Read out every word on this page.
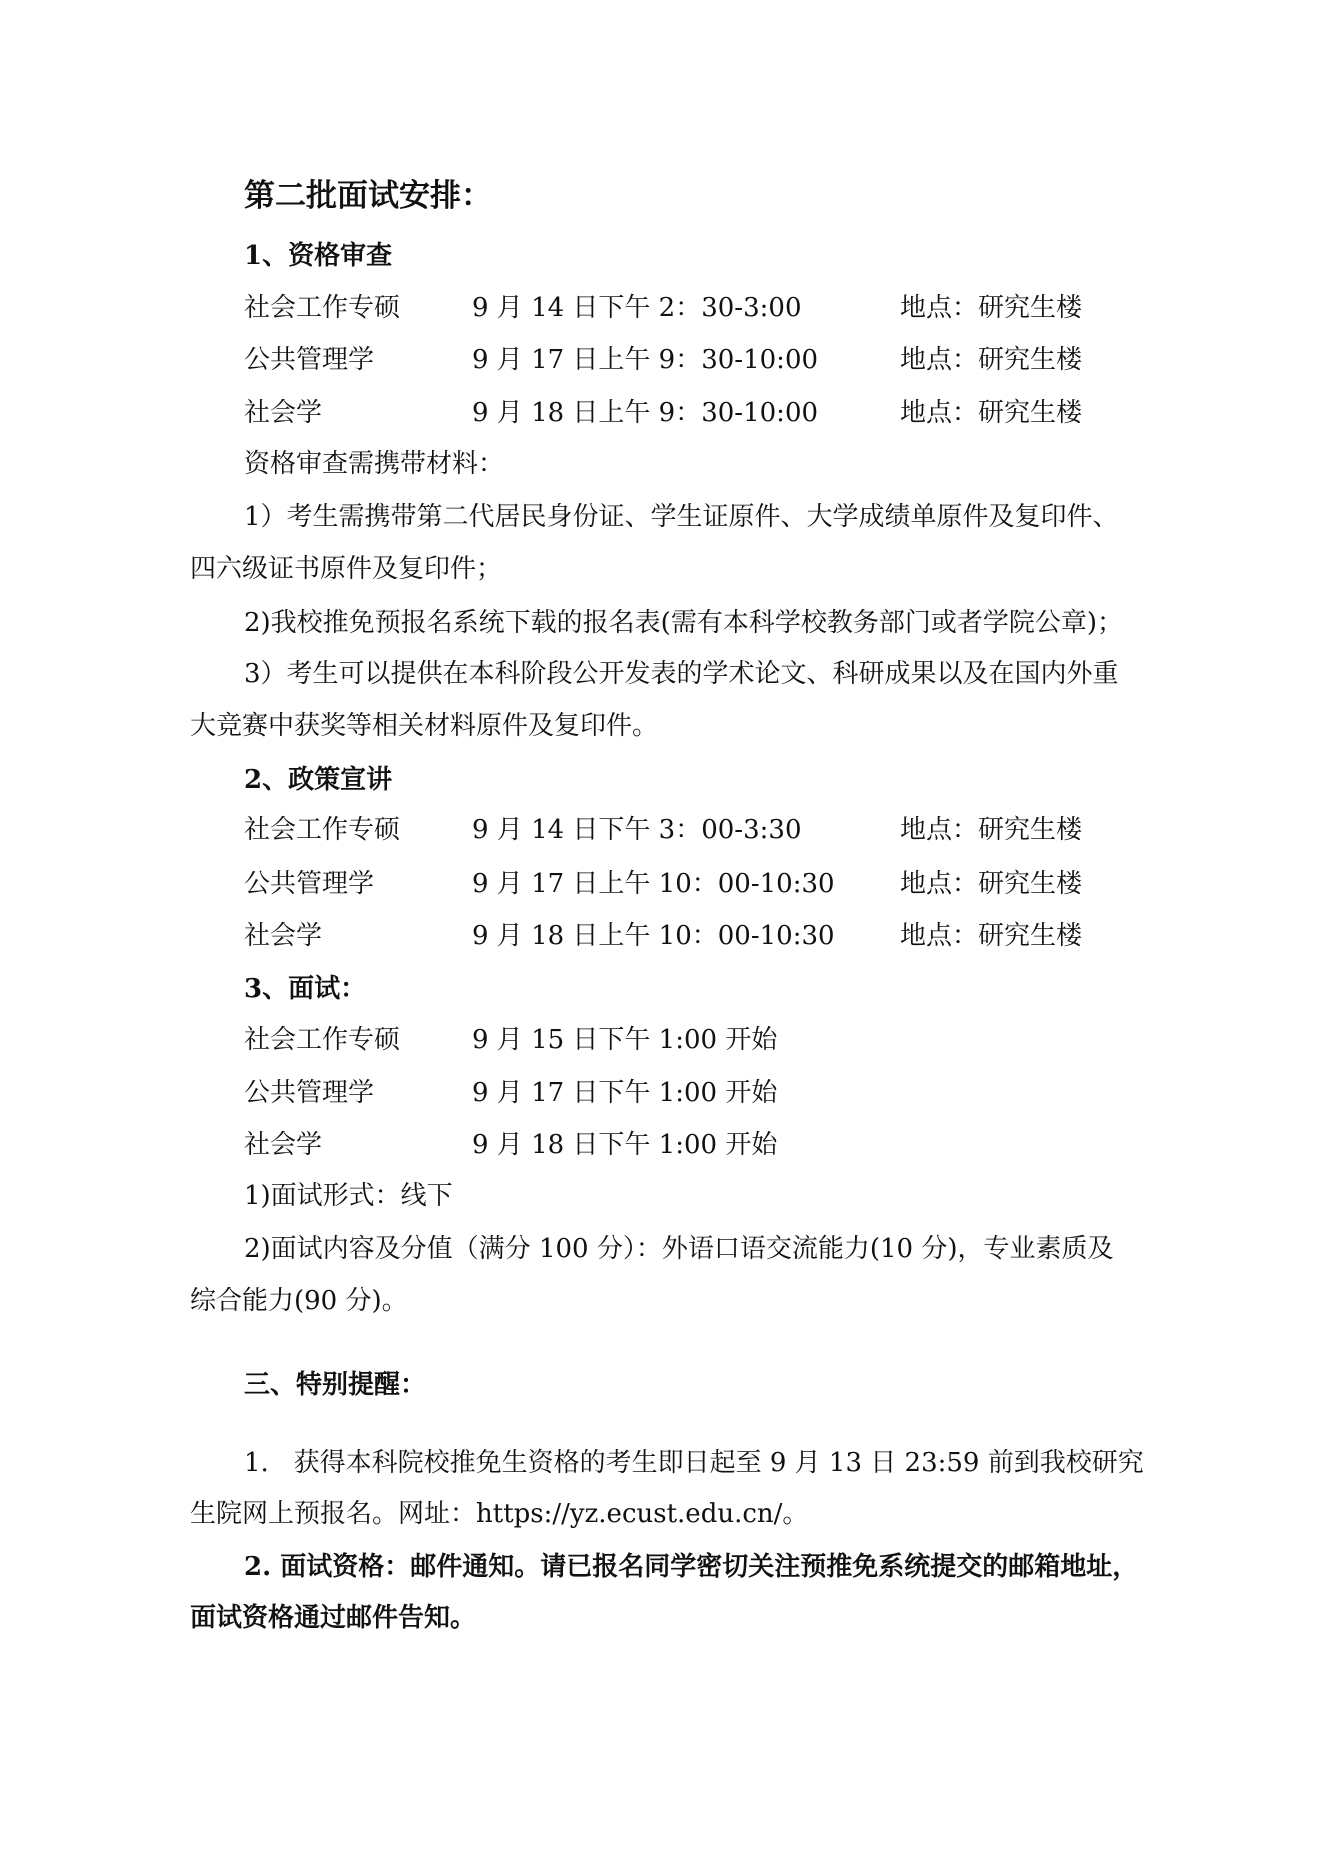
第二批面试安排：
1、资格审查
社会工作专硕	9 月 14 日下午 2：30-3:00	地点：研究生楼
公共管理学	9 月 17 日上午 9：30-10:00	地点：研究生楼
社会学	9 月 18 日上午 9：30-10:00	地点：研究生楼
资格审查需携带材料：
1）考生需携带第二代居民身份证、学生证原件、大学成绩单原件及复印件、
四六级证书原件及复印件；
2)我校推免预报名系统下载的报名表(需有本科学校教务部门或者学院公章)；
3）考生可以提供在本科阶段公开发表的学术论文、科研成果以及在国内外重
大竞赛中获奖等相关材料原件及复印件。
2、政策宣讲
社会工作专硕	9 月 14 日下午 3：00-3:30	地点：研究生楼
公共管理学	9 月 17 日上午 10：00-10:30	地点：研究生楼
社会学	9 月 18 日上午 10：00-10:30	地点：研究生楼
3、面试：
社会工作专硕	9 月 15 日下午 1:00 开始
公共管理学	9 月 17 日下午 1:00 开始
社会学	9 月 18 日下午 1:00 开始
1)面试形式：线下
2)面试内容及分值（满分 100 分）：外语口语交流能力(10 分)，专业素质及
综合能力(90 分)。
三、特别提醒：
1.   获得本科院校推免生资格的考生即日起至 9 月 13 日 23:59 前到我校研究
生院网上预报名。网址：https://yz.ecust.edu.cn/。
2. 面试资格：邮件通知。请已报名同学密切关注预推免系统提交的邮箱地址，
面试资格通过邮件告知。
